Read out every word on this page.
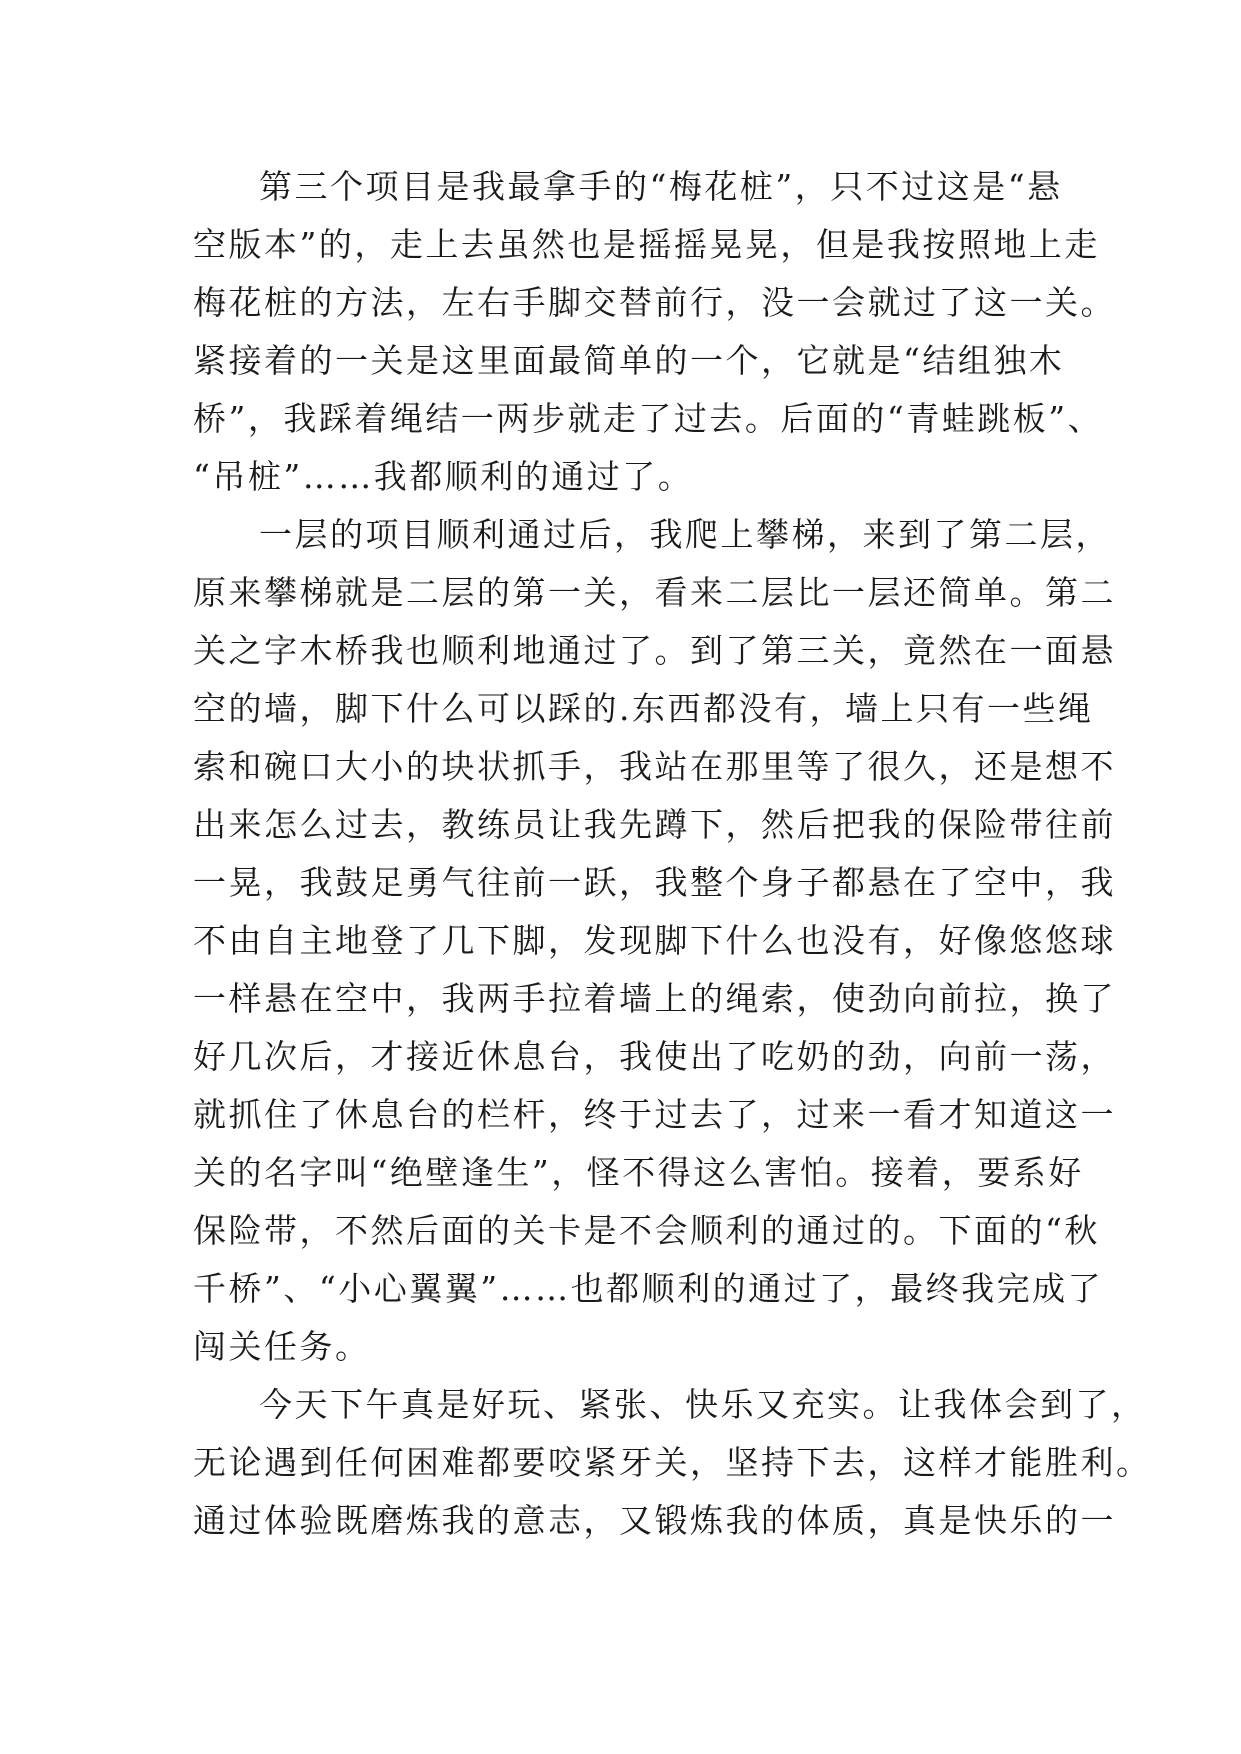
第三个项目是我最拿手的“梅花桩”，只不过这是“悬
空版本”的，走上去虽然也是摇摇晃晃，但是我按照地上走
梅花桩的方法，左右手脚交替前行，没一会就过了这一关。
紧接着的一关是这里面最简单的一个，它就是“结组独木
桥”，我踩着绳结一两步就走了过去。后面的“青蛙跳板”、
“吊桩”……我都顺利的通过了。
一层的项目顺利通过后，我爬上攀梯，来到了第二层，
原来攀梯就是二层的第一关，看来二层比一层还简单。第二
关之字木桥我也顺利地通过了。到了第三关，竟然在一面悬
空的墙，脚下什么可以踩的.东西都没有，墙上只有一些绳
索和碗口大小的块状抓手，我站在那里等了很久，还是想不
出来怎么过去，教练员让我先蹲下，然后把我的保险带往前
一晃，我鼓足勇气往前一跃，我整个身子都悬在了空中，我
不由自主地登了几下脚，发现脚下什么也没有，好像悠悠球
一样悬在空中，我两手拉着墙上的绳索，使劲向前拉，换了
好几次后，才接近休息台，我使出了吃奶的劲，向前一荡，
就抓住了休息台的栏杆，终于过去了，过来一看才知道这一
关的名字叫“绝壁逢生”，怪不得这么害怕。接着，要系好
保险带，不然后面的关卡是不会顺利的通过的。下面的“秋
千桥”、“小心翼翼”……也都顺利的通过了，最终我完成了
闯关任务。
今天下午真是好玩、紧张、快乐又充实。让我体会到了，
无论遇到任何困难都要咬紧牙关，坚持下去，这样才能胜利。
通过体验既磨炼我的意志，又锻炼我的体质，真是快乐的一
